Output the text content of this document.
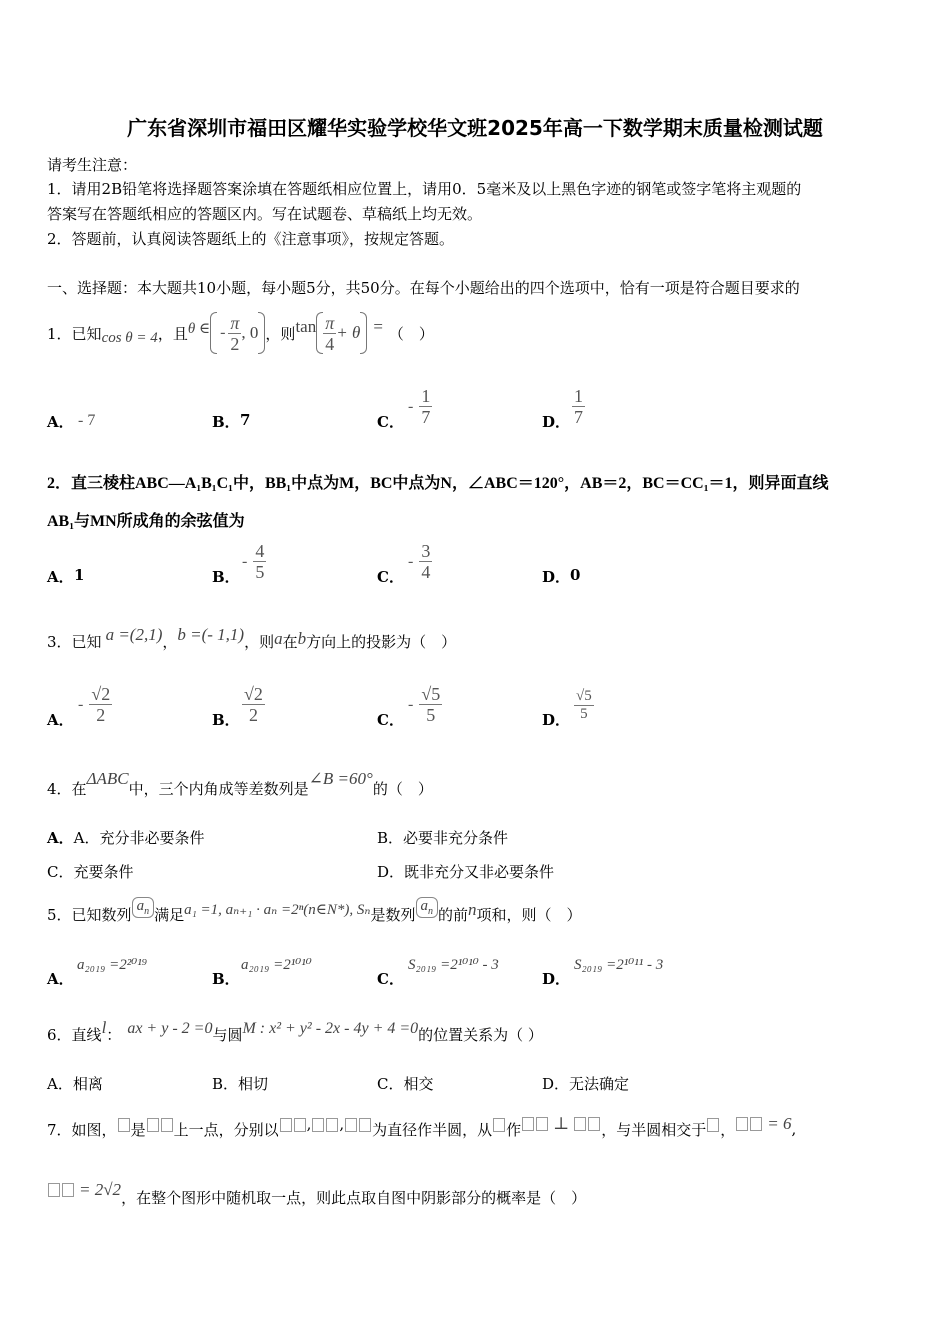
广东省深圳市福田区耀华实验学校华文班2025年高一下数学期末质量检测试题
请考生注意：
1．请用2B铅笔将选择题答案涂填在答题纸相应位置上，请用0．5毫米及以上黑色字迹的钢笔或签字笔将主观题的
答案写在答题纸相应的答题区内。写在试题卷、草稿纸上均无效。
2．答题前，认真阅读答题纸上的《注意事项》，按规定答题。
一、选择题：本大题共10小题，每小题5分，共50分。在每个小题给出的四个选项中，恰有一项是符合题目要求的
1． 已知 cos θ = 4 ，且 θ ∈ - $\frac{\pi}{2}$ , 0 ，则 $\tan \frac{\pi}{4} + \theta$ = （　）
A． - 7	B． 7	C．
- $\frac{1}{7}$	D． $\frac{1}{7}$
2．直三棱柱ABC—A₁B₁C₁中，BB₁中点为M，BC中点为N，∠ABC＝120°，AB＝2，BC＝CC₁＝1，则异面直线
AB₁与MN所成角的余弦值为
A． 1	B．
- $\frac{4}{5}$	C．
- $\frac{3}{4}$	D． 0
3． 已知 a =(2,1) ， b =(- 1,1) ，则 a 在 b 方向上的投影为（　）
A．
- $\frac{√2}{2}$	B． $\frac{√2}{2}$	C．
- $\frac{√5}{5}$	D． $\frac{√5}{5}$
4． 在
ΔABC
中，三个内角成等差数列是
∠B =60°
的（　）
A．A．充分非必要条件	B．必要非充分条件
C．充要条件	D．既非充分又非必要条件
5． 已知数列 $a_n$ 满足 a₁ =1, aₙ₊₁ · aₙ =2ⁿ(n∈N*), Sₙ 是数列 $a_n$ 的前 n 项和，则（　）
A．
a₂₀₁₉ =2²⁰¹⁹
B．
a₂₀₁₉ =2¹⁰¹⁰
C．
S₂₀₁₉ =2¹⁰¹⁰ - 3
D．
S₂₀₁₉ =2¹⁰¹¹ - 3
6． 直线 l ： ax + y - 2 =0 与圆 M : x² + y² - 2x - 4y + 4 =0 的位置关系为（ ）
A．相离	B．相切	C．相交	D．无法确定
7． 如图， 是 上一点，分别以	, ,	为直径作半圆，从 作 ⊥ ，与半圆相交于 ， = 6 ,
= 2√2 ，在整个图形中随机取一点，则此点取自图中阴影部分的概率是（　）
